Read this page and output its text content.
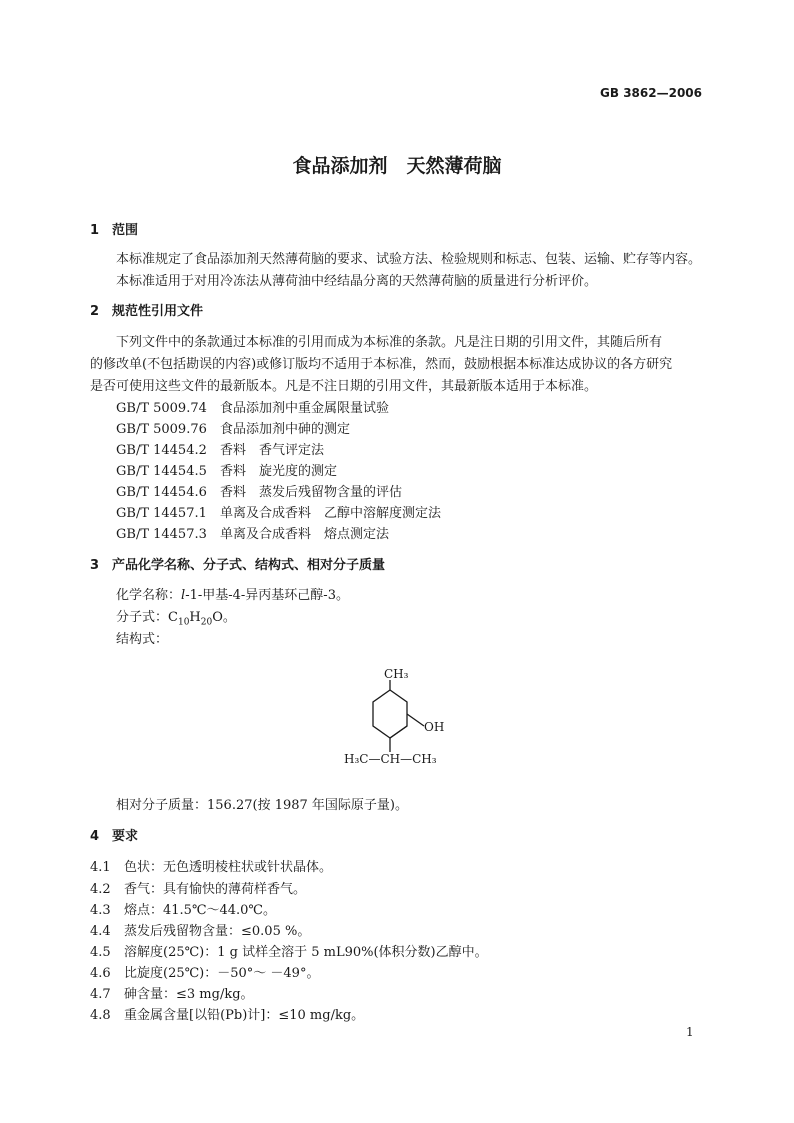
GB 3862—2006
食品添加剂　天然薄荷脑
1 范围
本标准规定了食品添加剂天然薄荷脑的要求、试验方法、检验规则和标志、包装、运输、贮存等内容。
本标准适用于对用冷冻法从薄荷油中经结晶分离的天然薄荷脑的质量进行分析评价。
2 规范性引用文件
下列文件中的条款通过本标准的引用而成为本标准的条款。凡是注日期的引用文件，其随后所有
的修改单(不包括勘误的内容)或修订版均不适用于本标准，然而，鼓励根据本标准达成协议的各方研究
是否可使用这些文件的最新版本。凡是不注日期的引用文件，其最新版本适用于本标准。
GB/T 5009.74 食品添加剂中重金属限量试验
GB/T 5009.76 食品添加剂中砷的测定
GB/T 14454.2 香料　香气评定法
GB/T 14454.5 香料　旋光度的测定
GB/T 14454.6 香料　蒸发后残留物含量的评估
GB/T 14457.1 单离及合成香料　乙醇中溶解度测定法
GB/T 14457.3 单离及合成香料　熔点测定法
3 产品化学名称、分子式、结构式、相对分子质量
化学名称：l-1-甲基-4-异丙基环己醇-3。
分子式：$C_{10}H_{20}O$。
结构式：
CH₃
OH
H₃C—CH—CH₃
相对分子质量：156.27(按 1987 年国际原子量)。
4 要求
4.1 色状：无色透明棱柱状或针状晶体。
4.2 香气：具有愉快的薄荷样香气。
4.3 熔点：41.5℃～44.0℃。
4.4 蒸发后残留物含量：≤0.05 %。
4.5 溶解度(25℃)：1 g 试样全溶于 5 mL90%(体积分数)乙醇中。
4.6 比旋度(25℃)：－50°～ －49°。
4.7 砷含量：≤3 mg/kg。
4.8 重金属含量[以铅(Pb)计]：≤10 mg/kg。
1
